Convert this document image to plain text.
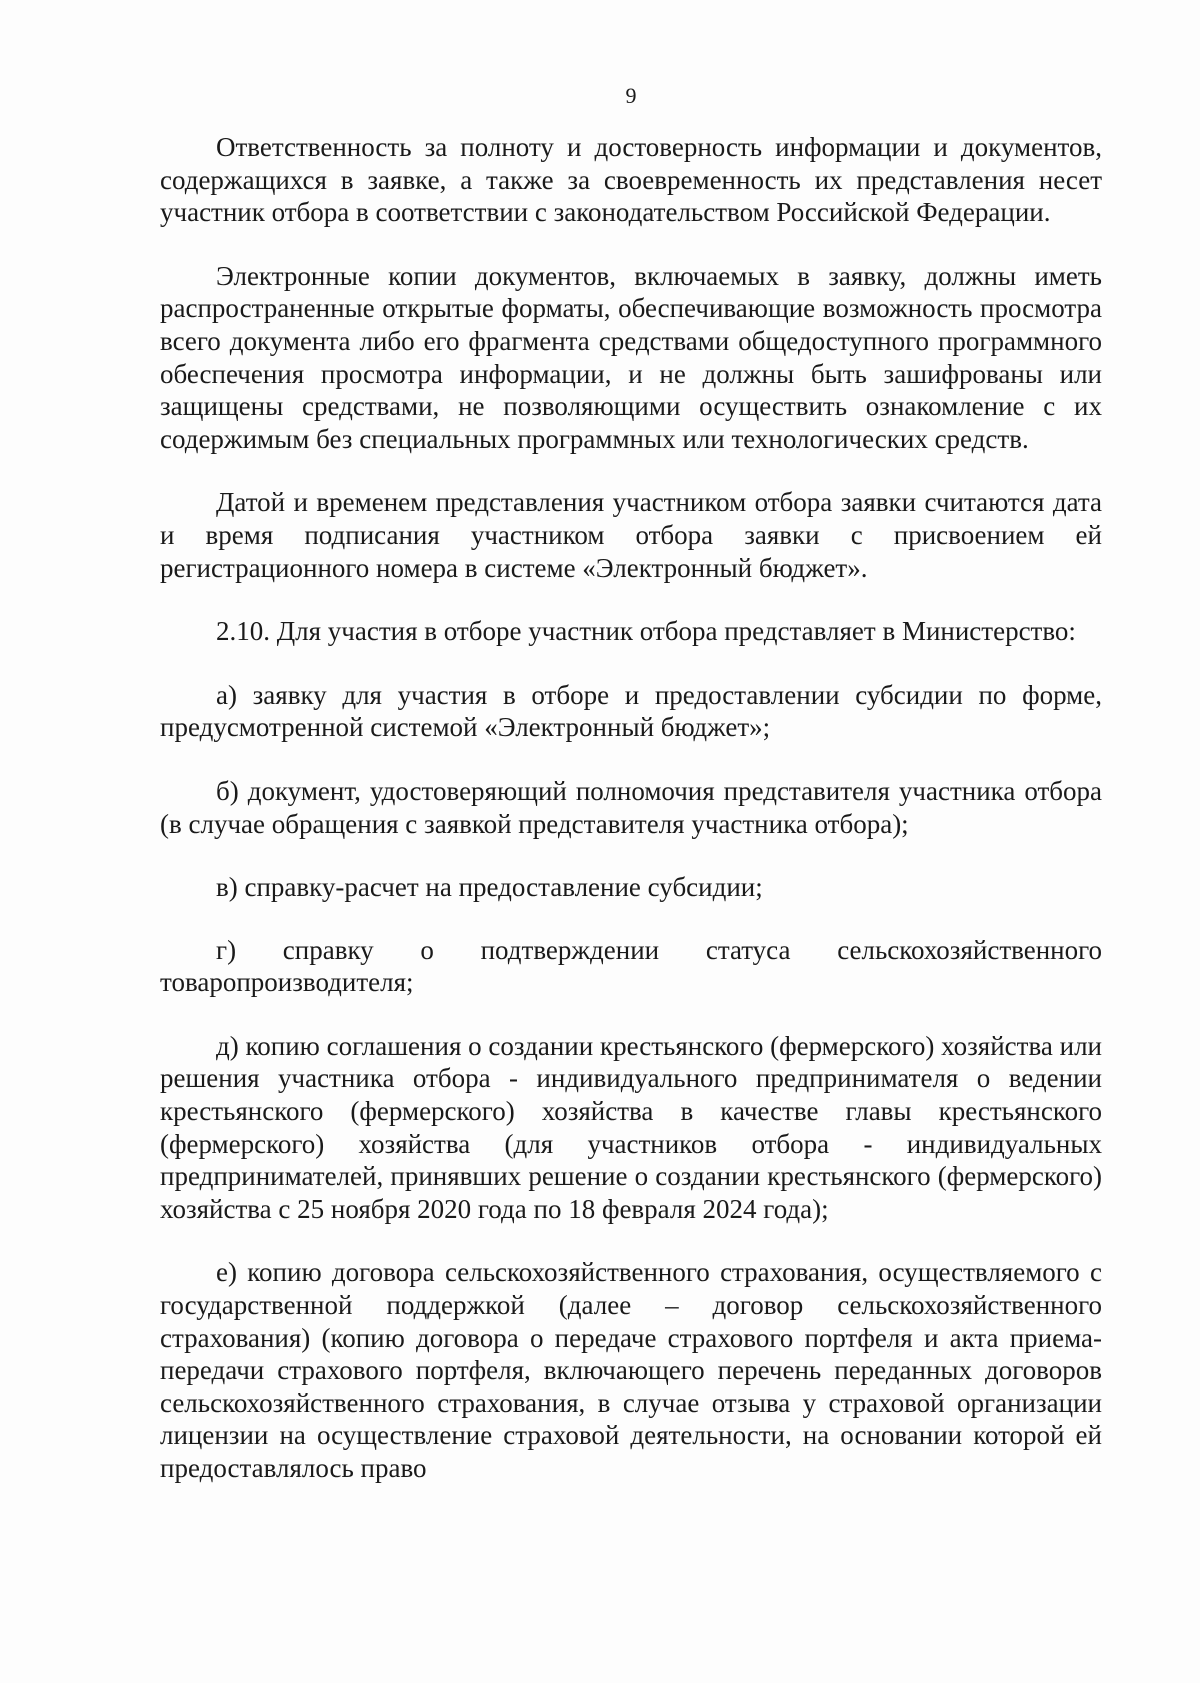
9

Ответственность за полноту и достоверность информации и документов, содержащихся в заявке, а также за своевременность их представления несет участник отбора в соответствии с законодательством Российской Федерации.

Электронные копии документов, включаемых в заявку, должны иметь распространенные открытые форматы, обеспечивающие возможность просмотра всего документа либо его фрагмента средствами общедоступного программного обеспечения просмотра информации, и не должны быть зашифрованы или защищены средствами, не позволяющими осуществить ознакомление с их содержимым без специальных программных или технологических средств.

Датой и временем представления участником отбора заявки считаются дата и время подписания участником отбора заявки с присвоением ей регистрационного номера в системе «Электронный бюджет».

2.10. Для участия в отборе участник отбора представляет в Министерство:

а) заявку для участия в отборе и предоставлении субсидии по форме, предусмотренной системой «Электронный бюджет»;

б) документ, удостоверяющий полномочия представителя участника отбора (в случае обращения с заявкой представителя участника отбора);

в) справку-расчет на предоставление субсидии;

г) справку о подтверждении статуса сельскохозяйственного товаропроизводителя;

д) копию соглашения о создании крестьянского (фермерского) хозяйства или решения участника отбора - индивидуального предпринимателя о ведении крестьянского (фермерского) хозяйства в качестве главы крестьянского (фермерского) хозяйства (для участников отбора - индивидуальных предпринимателей, принявших решение о создании крестьянского (фермерского) хозяйства с 25 ноября 2020 года по 18 февраля 2024 года);

е) копию договора сельскохозяйственного страхования, осуществляемого с государственной поддержкой (далее – договор сельскохозяйственного страхования) (копию договора о передаче страхового портфеля и акта приема-передачи страхового портфеля, включающего перечень переданных договоров сельскохозяйственного страхования, в случае отзыва у страховой организации лицензии на осуществление страховой деятельности, на основании которой ей предоставлялось право
